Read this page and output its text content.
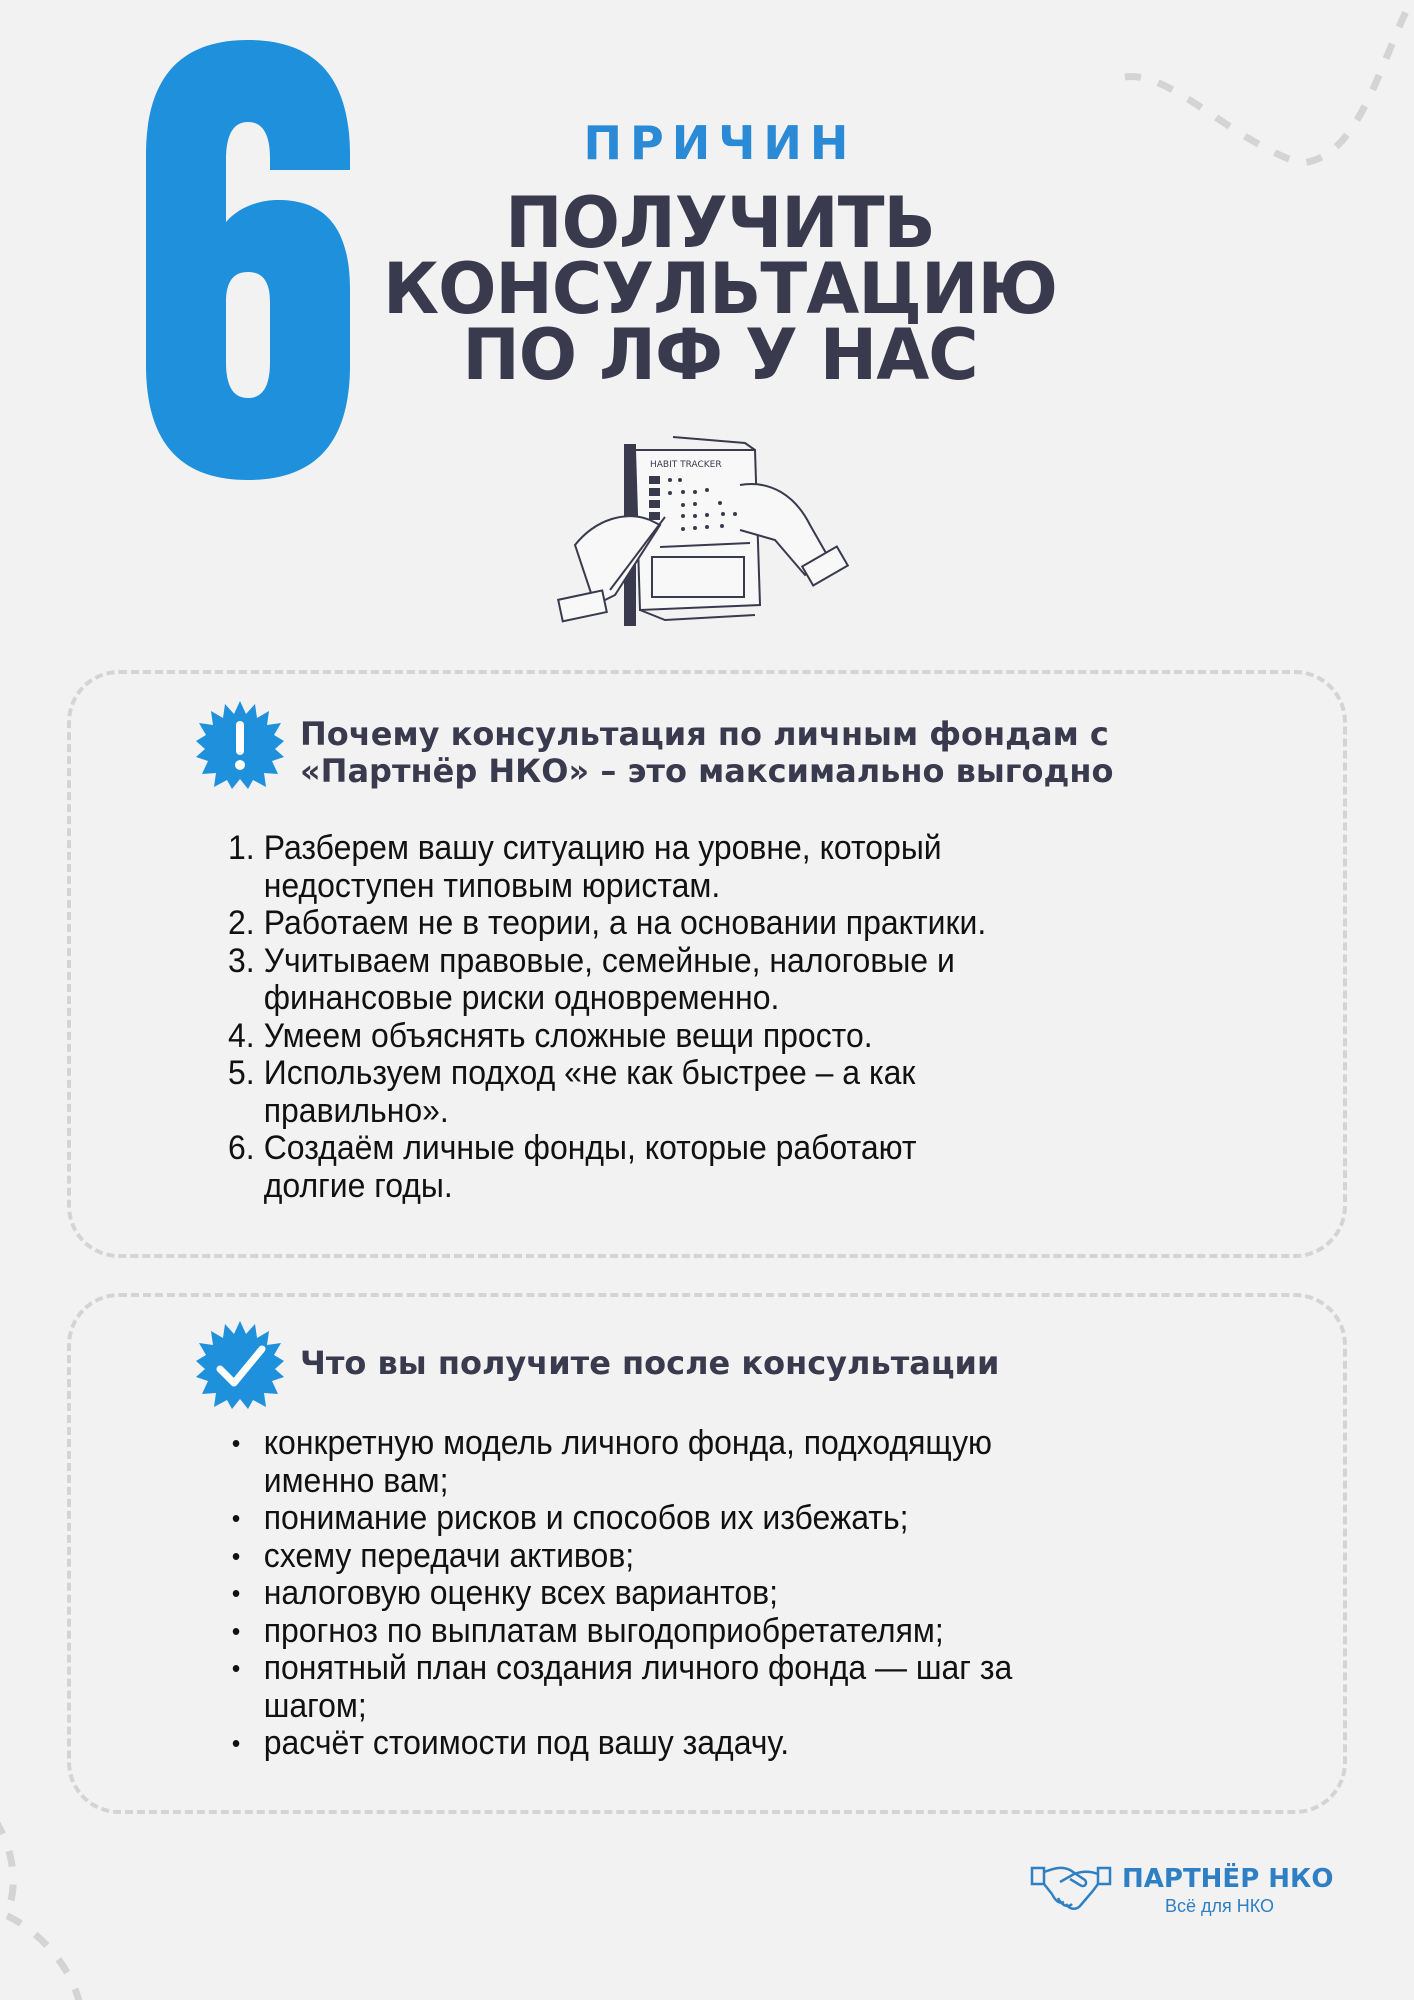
ПРИЧИН
ПОЛУЧИТЬ
КОНСУЛЬТАЦИЮ
ПО ЛФ У НАС
HABIT TRACKER
Почему консультация по личным фондам с
«Партнёр НКО» – это максимально выгодно
1. Разберем вашу ситуацию на уровне, который
недоступен типовым юристам.
2. Работаем не в теории, а на основании практики.
3. Учитываем правовые, семейные, налоговые и
финансовые риски одновременно.
4. Умеем объяснять сложные вещи просто.
5. Используем подход «не как быстрее – а как
правильно».
6. Создаём личные фонды, которые работают
долгие годы.
Что вы получите после консультации
• конкретную модель личного фонда, подходящую
именно вам;
• понимание рисков и способов их избежать;
• схему передачи активов;
• налоговую оценку всех вариантов;
• прогноз по выплатам выгодоприобретателям;
• понятный план создания личного фонда — шаг за
шагом;
• расчёт стоимости под вашу задачу.
ПАРТНЁР НКО
Всё для НКО
